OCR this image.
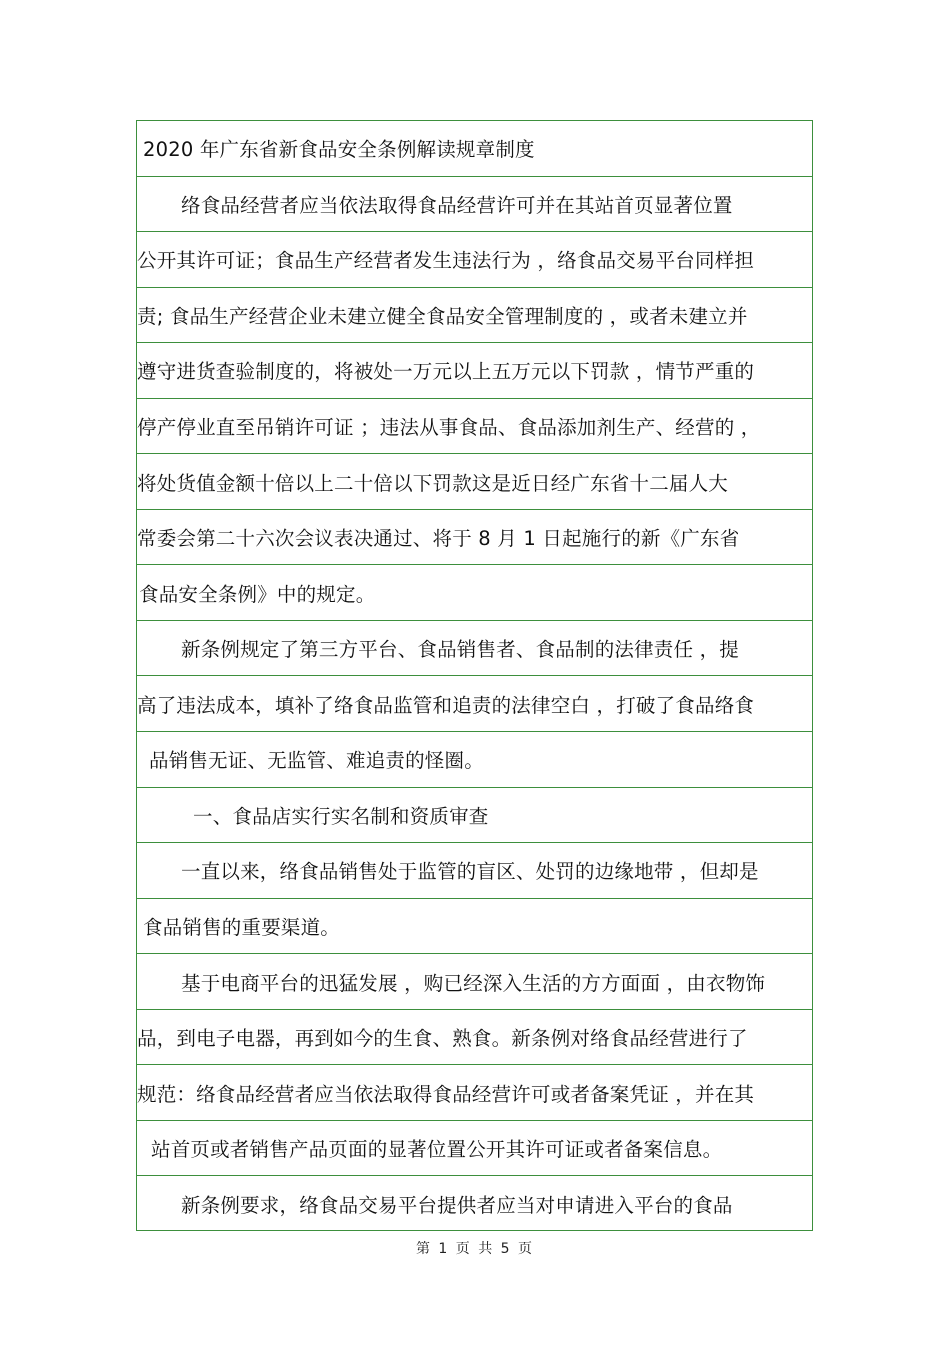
2020 年广东省新食品安全条例解读规章制度
络食品经营者应当依法取得食品经营许可并在其站首页显著位置
公开其许可证；食品生产经营者发生违法行为 ，络食品交易平台同样担
责; 食品生产经营企业未建立健全食品安全管理制度的 ，或者未建立并
遵守进货查验制度的，将被处一万元以上五万元以下罚款 ，情节严重的
停产停业直至吊销许可证 ；违法从事食品、食品添加剂生产、经营的 ，
将处货值金额十倍以上二十倍以下罚款这是近日经广东省十二届人大
常委会第二十六次会议表决通过、将于 8 月 1 日起施行的新《广东省
食品安全条例》中的规定。
新条例规定了第三方平台、食品销售者、食品制的法律责任 ，提
高了违法成本，填补了络食品监管和追责的法律空白 ，打破了食品络食
品销售无证、无监管、难追责的怪圈。
一、食品店实行实名制和资质审查
一直以来，络食品销售处于监管的盲区、处罚的边缘地带 ，但却是
食品销售的重要渠道。
基于电商平台的迅猛发展 ，购已经深入生活的方方面面 ，由衣物饰
品，到电子电器，再到如今的生食、熟食。新条例对络食品经营进行了
规范：络食品经营者应当依法取得食品经营许可或者备案凭证 ，并在其
站首页或者销售产品页面的显著位置公开其许可证或者备案信息。
新条例要求，络食品交易平台提供者应当对申请进入平台的食品
第 1 页 共 5 页
